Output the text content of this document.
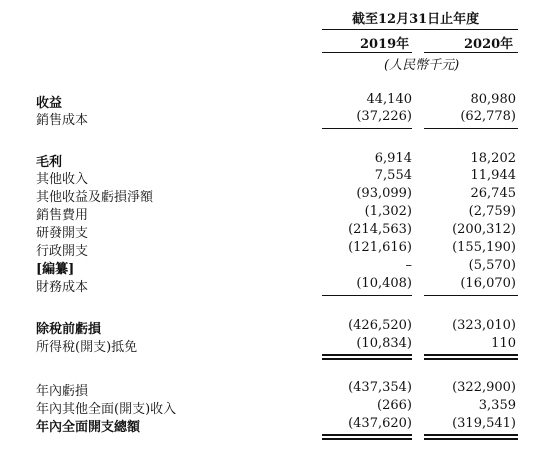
截至12月31日止年度
2019年	2020年
(人民幣千元)
收益	44,140	80,980
銷售成本	(37,226)	(62,778)
毛利	6,914	18,202
其他收入	7,554	11,944
其他收益及虧損淨額	(93,099)	26,745
銷售費用	(1,302)	(2,759)
研發開支	(214,563)	(200,312)
行政開支	(121,616)	(155,190)
[編纂]	–	(5,570)
財務成本	(10,408)	(16,070)
除稅前虧損	(426,520)	(323,010)
所得稅(開支)抵免	(10,834)	110
年內虧損	(437,354)	(322,900)
年內其他全面(開支)收入	(266)	3,359
年內全面開支總額	(437,620)	(319,541)
